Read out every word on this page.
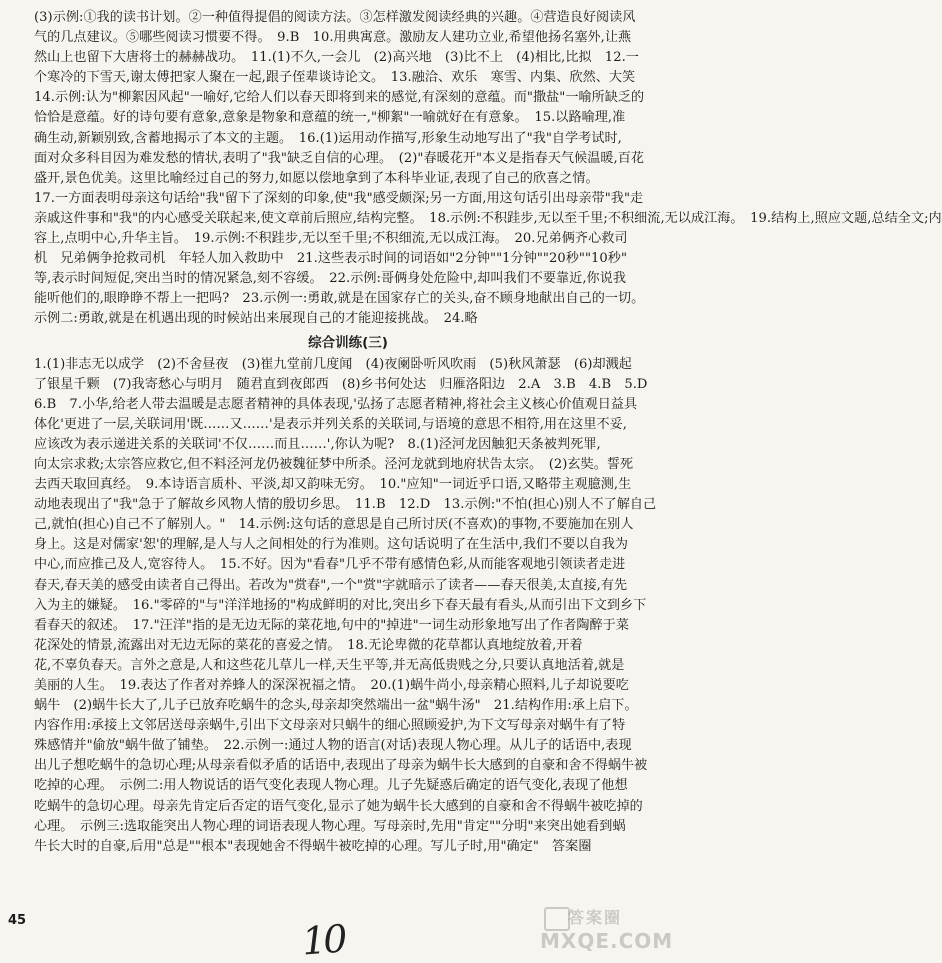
(3)示例:①我的读书计划。②一种值得提倡的阅读方法。③怎样激发阅读经典的兴趣。④营造良好阅读风
气的几点建议。⑤哪些阅读习惯要不得。　9.B　10.用典寓意。激励友人建功立业,希望他扬名塞外,让燕
然山上也留下大唐将士的赫赫战功。　11.(1)不久,一会儿　(2)高兴地　(3)比不上　(4)相比,比拟　12.一
个寒冷的下雪天,谢太傅把家人聚在一起,跟子侄辈谈诗论文。　13.融洽、欢乐　寒雪、内集、欣然、大笑
14.示例:认为"柳絮因风起"一喻好,它给人们以春天即将到来的感觉,有深刻的意蕴。而"撒盐"一喻所缺乏的
恰恰是意蕴。好的诗句要有意象,意象是物象和意蕴的统一,"柳絮"一喻就好在有意象。　15.以路喻理,准
确生动,新颖别致,含蓄地揭示了本文的主题。　16.(1)运用动作描写,形象生动地写出了"我"自学考试时,
面对众多科目因为难发愁的情状,表明了"我"缺乏自信的心理。　(2)"春暖花开"本义是指春天气候温暖,百花
盛开,景色优美。这里比喻经过自己的努力,如愿以偿地拿到了本科毕业证,表现了自己的欣喜之情。
17.一方面表明母亲这句话给"我"留下了深刻的印象,使"我"感受颇深;另一方面,用这句话引出母亲带"我"走
亲戚这件事和"我"的内心感受关联起来,使文章前后照应,结构完整。　18.示例:不积跬步,无以至千里;不积细流,无以成江海。　19.结构上,照应文题,总结全文;内
容上,点明中心,升华主旨。　19.示例:不积跬步,无以至千里;不积细流,无以成江海。　20.兄弟俩齐心救司
机　兄弟俩争抢救司机　年轻人加入救助中　21.这些表示时间的词语如"2分钟""1分钟""20秒""10秒"
等,表示时间短促,突出当时的情况紧急,刻不容缓。　22.示例:哥俩身处危险中,却叫我们不要靠近,你说我
能听他们的,眼睁睁不帮上一把吗?　23.示例一:勇敢,就是在国家存亡的关头,奋不顾身地献出自己的一切。
示例二:勇敢,就是在机遇出现的时候站出来展现自己的才能迎接挑战。　24.略
综合训练(三)
1.(1)非志无以成学　(2)不舍昼夜　(3)崔九堂前几度闻　(4)夜阑卧听风吹雨　(5)秋风萧瑟　(6)却溅起
了银星千颗　(7)我寄愁心与明月　随君直到夜郎西　(8)乡书何处达　归雁洛阳边　2.A　3.B　4.B　5.D
6.B　7.小华,给老人带去温暖是志愿者精神的具体表现,'弘扬了志愿者精神,将社会主义核心价值观日益具
体化'更进了一层,关联词用'既……又……'是表示并列关系的关联词,与语境的意思不相符,用在这里不妥,
应该改为表示递进关系的关联词'不仅……而且……',你认为呢?　8.(1)泾河龙因触犯天条被判死罪,
向太宗求救;太宗答应救它,但不料泾河龙仍被魏征梦中所杀。泾河龙就到地府状告太宗。　(2)玄奘。誓死
去西天取回真经。　9.本诗语言质朴、平淡,却又韵味无穷。　10."应知"一词近乎口语,又略带主观臆测,生
动地表现出了"我"急于了解故乡风物人情的殷切乡思。　11.B　12.D　13.示例:"不怕(担心)别人不了解自己
己,就怕(担心)自己不了解别人。"　14.示例:这句话的意思是自己所讨厌(不喜欢)的事物,不要施加在别人
身上。这是对儒家'恕'的理解,是人与人之间相处的行为准则。这句话说明了在生活中,我们不要以自我为
中心,而应推己及人,宽容待人。　15.不好。因为"看春"几乎不带有感情色彩,从而能客观地引领读者走进
春天,春天美的感受由读者自己得出。若改为"赏春",一个"赏"字就暗示了读者——春天很美,太直接,有先
入为主的嫌疑。　16."零碎的"与"洋洋地扬的"构成鲜明的对比,突出乡下春天最有看头,从而引出下文到乡下
看春天的叙述。　17."汪洋"指的是无边无际的菜花地,句中的"掉进"一词生动形象地写出了作者陶醉于菜
花深处的情景,流露出对无边无际的菜花的喜爱之情。　18.无论卑微的花草都认真地绽放着,开着
花,不辜负春天。言外之意是,人和这些花儿草儿一样,天生平等,并无高低贵贱之分,只要认真地活着,就是
美丽的人生。　19.表达了作者对养蜂人的深深祝福之情。　20.(1)蜗牛尚小,母亲精心照料,儿子却说要吃
蜗牛　(2)蜗牛长大了,儿子已放弃吃蜗牛的念头,母亲却突然端出一盆"蜗牛汤"　21.结构作用:承上启下。
内容作用:承接上文邻居送母亲蜗牛,引出下文母亲对只蜗牛的细心照顾爱护,为下文写母亲对蜗牛有了特
殊感情并"偷放"蜗牛做了铺垫。　22.示例一:通过人物的语言(对话)表现人物心理。从儿子的话语中,表现
出儿子想吃蜗牛的急切心理;从母亲看似矛盾的话语中,表现出了母亲为蜗牛长大感到的自豪和舍不得蜗牛被
吃掉的心理。　示例二:用人物说话的语气变化表现人物心理。儿子先疑惑后确定的语气变化,表现了他想
吃蜗牛的急切心理。母亲先肯定后否定的语气变化,显示了她为蜗牛长大感到的自豪和舍不得蜗牛被吃掉的
心理。　示例三:选取能突出人物心理的词语表现人物心理。写母亲时,先用"肯定""分明"来突出她看到蜗
牛长大时的自豪,后用"总是""根本"表现她舍不得蜗牛被吃掉的心理。写儿子时,用"确定"　答案圈
45	10	答案圈
MXQE.COM
